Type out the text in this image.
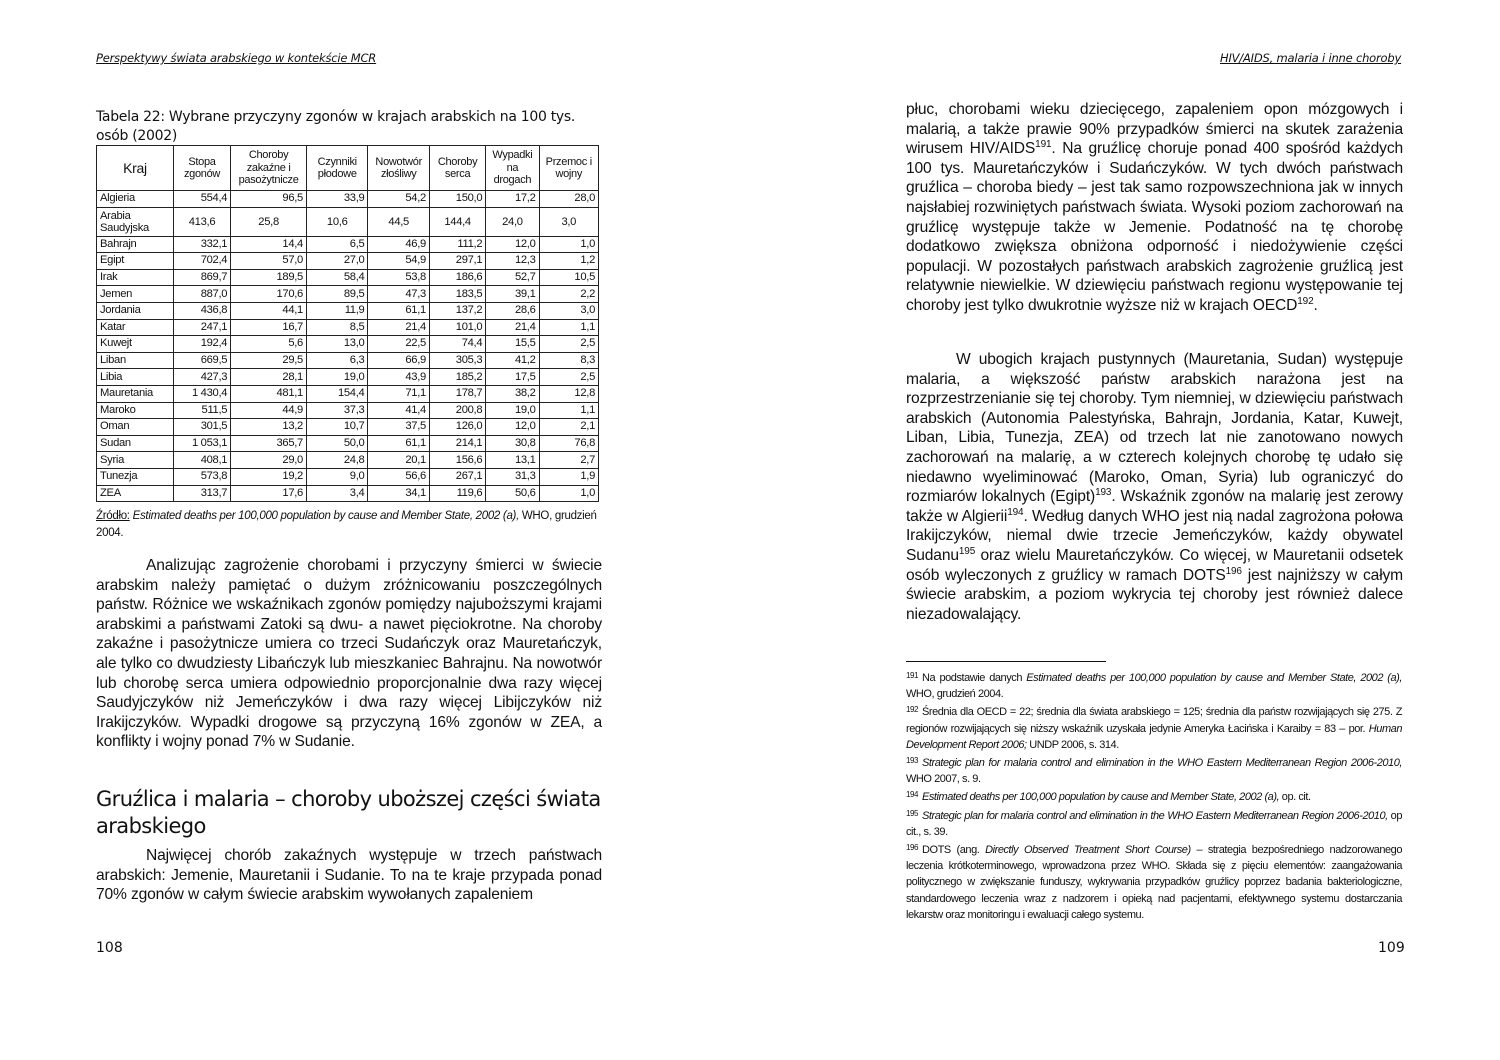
Perspektywy świata arabskiego w kontekście MCR
Tabela 22: Wybrane przyczyny zgonów w krajach arabskich na 100 tys. osób (2002)
Kraj	Stopa zgonów	Choroby zakaźne i pasożytnicze	Czynniki płodowe	Nowotwór złośliwy	Choroby serca	Wypadki na drogach	Przemoc i wojny
Algieria	554,4	96,5	33,9	54,2	150,0	17,2	28,0
Arabia Saudyjska	413,6	25,8	10,6	44,5	144,4	24,0	3,0
Bahrajn	332,1	14,4	6,5	46,9	111,2	12,0	1,0
Egipt	702,4	57,0	27,0	54,9	297,1	12,3	1,2
Irak	869,7	189,5	58,4	53,8	186,6	52,7	10,5
Jemen	887,0	170,6	89,5	47,3	183,5	39,1	2,2
Jordania	436,8	44,1	11,9	61,1	137,2	28,6	3,0
Katar	247,1	16,7	8,5	21,4	101,0	21,4	1,1
Kuwejt	192,4	5,6	13,0	22,5	74,4	15,5	2,5
Liban	669,5	29,5	6,3	66,9	305,3	41,2	8,3
Libia	427,3	28,1	19,0	43,9	185,2	17,5	2,5
Mauretania	1 430,4	481,1	154,4	71,1	178,7	38,2	12,8
Maroko	511,5	44,9	37,3	41,4	200,8	19,0	1,1
Oman	301,5	13,2	10,7	37,5	126,0	12,0	2,1
Sudan	1 053,1	365,7	50,0	61,1	214,1	30,8	76,8
Syria	408,1	29,0	24,8	20,1	156,6	13,1	2,7
Tunezja	573,8	19,2	9,0	56,6	267,1	31,3	1,9
ZEA	313,7	17,6	3,4	34,1	119,6	50,6	1,0
Źródło: Estimated deaths per 100,000 population by cause and Member State, 2002 (a), WHO, grudzień 2004.

Analizując zagrożenie chorobami i przyczyny śmierci w świecie arabskim należy pamiętać o dużym zróżnicowaniu poszczególnych państw. Różnice we wskaźnikach zgonów pomiędzy najuboższymi krajami arabskimi a państwami Zatoki są dwu- a nawet pięciokrotne. Na choroby zakaźne i pasożytnicze umiera co trzeci Sudańczyk oraz Mauretańczyk, ale tylko co dwudziesty Libańczyk lub mieszkaniec Bahrajnu. Na nowotwór lub chorobę serca umiera odpowiednio proporcjonalnie dwa razy więcej Saudyjczyków niż Jemeńczyków i dwa razy więcej Libijczyków niż Irakijczyków. Wypadki drogowe są przyczyną 16% zgonów w ZEA, a konflikty i wojny ponad 7% w Sudanie.

Gruźlica i malaria – choroby uboższej części świata arabskiego

Najwięcej chorób zakaźnych występuje w trzech państwach arabskich: Jemenie, Mauretanii i Sudanie. To na te kraje przypada ponad 70% zgonów w całym świecie arabskim wywołanych zapaleniem

108
HIV/AIDS, malaria i inne choroby

płuc, chorobami wieku dziecięcego, zapaleniem opon mózgowych i malarią, a także prawie 90% przypadków śmierci na skutek zarażenia wirusem HIV/AIDS$^{191}$. Na gruźlicę choruje ponad 400 spośród każdych 100 tys. Mauretańczyków i Sudańczyków. W tych dwóch państwach gruźlica – choroba biedy – jest tak samo rozpowszechniona jak w innych najsłabiej rozwiniętych państwach świata. Wysoki poziom zachorowań na gruźlicę występuje także w Jemenie. Podatność na tę chorobę dodatkowo zwiększa obniżona odporność i niedożywienie części populacji. W pozostałych państwach arabskich zagrożenie gruźlicą jest relatywnie niewielkie. W dziewięciu państwach regionu występowanie tej choroby jest tylko dwukrotnie wyższe niż w krajach OECD$^{192}$.

W ubogich krajach pustynnych (Mauretania, Sudan) występuje malaria, a większość państw arabskich narażona jest na rozprzestrzenianie się tej choroby. Tym niemniej, w dziewięciu państwach arabskich (Autonomia Palestyńska, Bahrajn, Jordania, Katar, Kuwejt, Liban, Libia, Tunezja, ZEA) od trzech lat nie zanotowano nowych zachorowań na malarię, a w czterech kolejnych chorobę tę udało się niedawno wyeliminować (Maroko, Oman, Syria) lub ograniczyć do rozmiarów lokalnych (Egipt)$^{193}$. Wskaźnik zgonów na malarię jest zerowy także w Algierii$^{194}$. Według danych WHO jest nią nadal zagrożona połowa Irakijczyków, niemal dwie trzecie Jemeńczyków, każdy obywatel Sudanu$^{195}$ oraz wielu Mauretańczyków. Co więcej, w Mauretanii odsetek osób wyleczonych z gruźlicy w ramach DOTS$^{196}$ jest najniższy w całym świecie arabskim, a poziom wykrycia tej choroby jest również dalece niezadowalający.

109

$^{191}$ Na podstawie danych Estimated deaths per 100,000 population by cause and Member State, 2002 (a), WHO, grudzień 2004.

$^{192}$ Średnia dla OECD = 22; średnia dla świata arabskiego = 125; średnia dla państw rozwijających się 275. Z regionów rozwijających się niższy wskaźnik uzyskała jedynie Ameryka Łacińska i Karaiby = 83 – por. Human Development Report 2006; UNDP 2006, s. 314.

$^{193}$ Strategic plan for malaria control and elimination in the WHO Eastern Mediterranean Region 2006-2010, WHO 2007, s. 9.

$^{194}$ Estimated deaths per 100,000 population by cause and Member State, 2002 (a), op. cit.

$^{195}$ Strategic plan for malaria control and elimination in the WHO Eastern Mediterranean Region 2006-2010, op cit., s. 39.

$^{196}$ DOTS (ang. Directly Observed Treatment Short Course) – strategia bezpośredniego nadzorowanego leczenia krótkoterminowego, wprowadzona przez WHO. Składa się z pięciu elementów: zaangażowania politycznego w zwiększanie funduszy, wykrywania przypadków gruźlicy poprzez badania bakteriologiczne, standardowego leczenia wraz z nadzorem i opieką nad pacjentami, efektywnego systemu dostarczania lekarstw oraz monitoringu i ewaluacji całego systemu.
